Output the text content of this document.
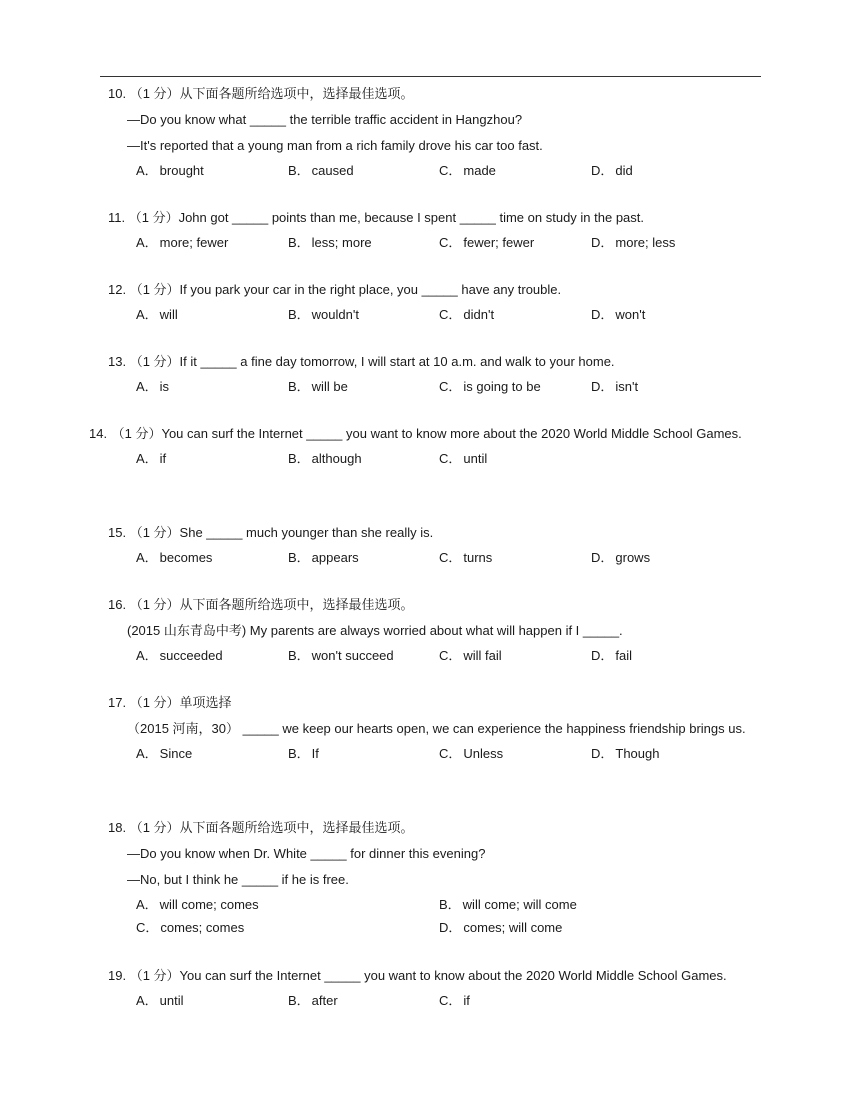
10. （1 分）从下面各题所给选项中，选择最佳选项。
—Do you know what _____ the terrible traffic accident in Hangzhou?
—It's reported that a young man from a rich family drove his car too fast.
A． brought	B． caused	C． made	D． did
11. （1 分）John got _____ points than me, because I spent _____ time on study in the past.
A． more; fewer	B． less; more	C． fewer; fewer	D． more; less
12. （1 分）If you park your car in the right place, you _____ have any trouble.
A． will	B． wouldn't	C． didn't	D． won't
13. （1 分）If it _____ a fine day tomorrow, I will start at 10 a.m. and walk to your home.
A． is	B． will be	C． is going to be	D． isn't
14. （1 分）You can surf the Internet _____ you want to know more about the 2020 World Middle School Games.
A． if	B． although	C． until
15. （1 分）She _____ much younger than she really is.
A． becomes	B． appears	C． turns	D． grows
16. （1 分）从下面各题所给选项中，选择最佳选项。
(2015 山东青岛中考) My parents are always worried about what will happen if I _____.
A． succeeded	B． won't succeed	C． will fail	D． fail
17. （1 分）单项选择
（2015 河南，30） _____ we keep our hearts open, we can experience the happiness friendship brings us.
A． Since	B． If	C． Unless	D． Though
18. （1 分）从下面各题所给选项中，选择最佳选项。
—Do you know when Dr. White _____ for dinner this evening?
—No, but I think he _____ if he is free.
A． will come; comes	B． will come; will come
C． comes; comes	D． comes; will come
19. （1 分）You can surf the Internet _____ you want to know about the 2020 World Middle School Games.
A． until	B． after	C． if
